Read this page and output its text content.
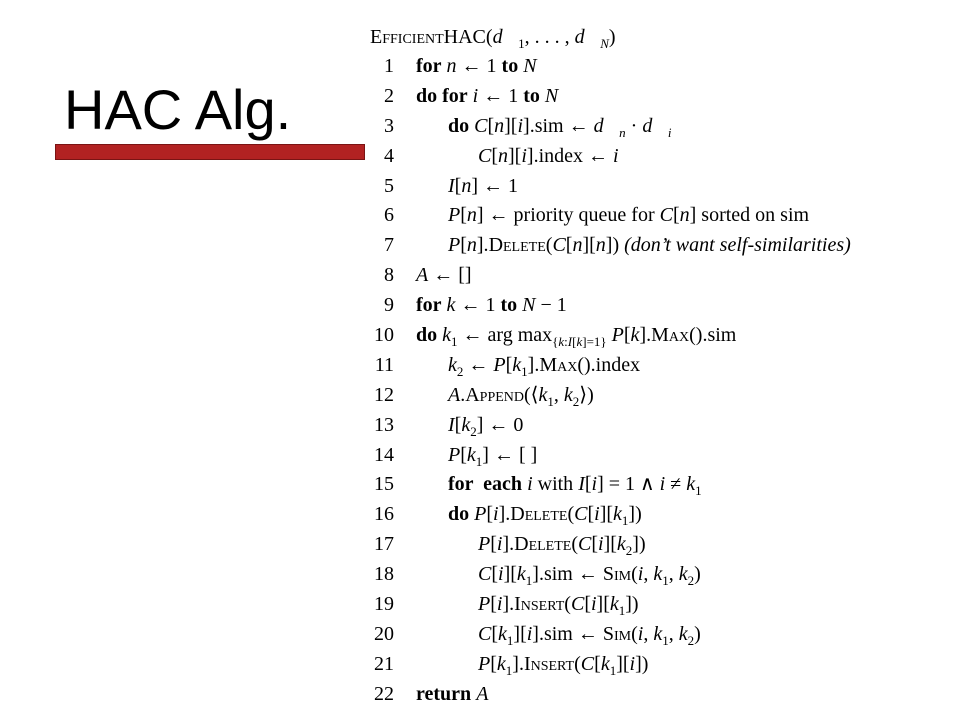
HAC Alg.
$EfficientHAC(d⃗_1$, . . . , $d⃗_N$)
1 for n ← 1 to N
2 do for i ← 1 to N
3	do C[n][i].sim ← $d⃗_n$ · $d⃗_i$
4	C[n][i].index ← i
5	I[n] ← 1
6	P[n] ← priority queue for C[n] sorted on sim
7	P[n].Delete(C[n][n]) (don’t want self-similarities)
8 A ← []
9 for k ← 1 to N − 1
10 do $k_1$ ← arg $\max_{\{k:I[k]=1\}} P[k].Max().sim$
11	$k_2$ ← $P[k_1].Max().index$
12	$A.Append(⟨k_1$, $k_2⟩$)
13	$I[k_2]$ ← 0
14	$P[k_1]$ ← [ ]
15	for  each i with I[i] = 1 ∧ $i \ne k_1$
16	do $P[i].Delete(C[i][k_1])$
17	$P[i].Delete(C[i][k_2])$
18	$C[i][k_1].sim$ ← Sim(i, $k_1$, $k_2$)
19	$P[i].Insert(C[i][k_1])$
20	$C[k_1][i].sim$ ← Sim(i, $k_1$, $k_2$)
21	$P[k_1].Insert(C[k_1][i])$
22 return A
